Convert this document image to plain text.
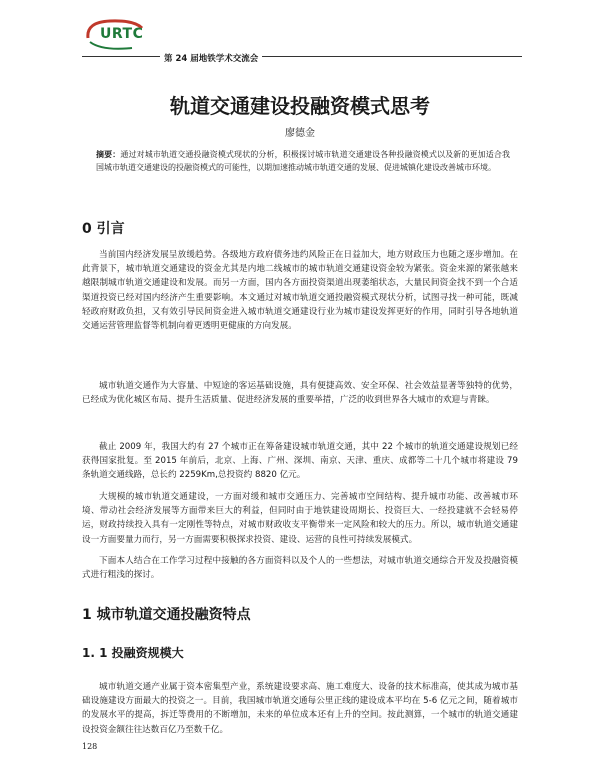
URTC
第 24 届地铁学术交流会
轨道交通建设投融资模式思考
廖德金
摘要：通过对城市轨道交通投融资模式现状的分析，积极探讨城市轨道交通建设各种投融资模式以及新的更加适合我国城市轨道交通建设的投融资模式的可能性，以期加速推动城市轨道交通的发展、促进城镇化建设改善城市环境。
0 引言
当前国内经济发展呈放缓趋势。各级地方政府债务违约风险正在日益加大，地方财政压力也随之逐步增加。在此背景下，城市轨道交通建设的资金尤其是内地二线城市的城市轨道交通建设资金较为紧张。资金来源的紧张越来越限制城市轨道交通建设和发展。而另一方面，国内各方面投资渠道出现萎缩状态，大量民间资金找不到一个合适渠道投资已经对国内经济产生重要影响。本文通过对城市轨道交通投融资模式现状分析，试图寻找一种可能，既减轻政府财政负担，又有效引导民间资金进入城市轨道交通建设行业为城市建设发挥更好的作用，同时引导各地轨道交通运营管理监督等机制向着更透明更健康的方向发展。
城市轨道交通作为大容量、中短途的客运基础设施，具有便捷高效、安全环保、社会效益显著等独特的优势，已经成为优化城区布局、提升生活质量、促进经济发展的重要举措，广泛的收到世界各大城市的欢迎与青睐。
截止 2009 年，我国大约有 27 个城市正在筹备建设城市轨道交通，其中 22 个城市的轨道交通建设规划已经获得国家批复。至 2015 年前后，北京、上海、广州、深圳、南京、天津、重庆、成都等二十几个城市将建设 79 条轨道交通线路，总长约 2259Km,总投资约 8820 亿元。
大规模的城市轨道交通建设，一方面对缓和城市交通压力、完善城市空间结构、提升城市功能、改善城市环境、带动社会经济发展等方面带来巨大的利益，但同时由于地铁建设周期长、投资巨大、一经投建就不会轻易停运，财政持续投入具有一定刚性等特点，对城市财政收支平衡带来一定风险和较大的压力。所以，城市轨道交通建设一方面要量力而行，另一方面需要积极探求投资、建设、运营的良性可持续发展模式。
下面本人结合在工作学习过程中接触的各方面资料以及个人的一些想法，对城市轨道交通综合开发及投融资模式进行粗浅的探讨。
1 城市轨道交通投融资特点
1. 1 投融资规模大
城市轨道交通产业属于资本密集型产业，系统建设要求高、施工难度大、设备的技术标准高，使其成为城市基础设施建设方面最大的投资之一。目前，我国城市轨道交通每公里正线的建设成本平均在 5-6 亿元之间，随着城市的发展水平的提高，拆迁等费用的不断增加，未来的单位成本还有上升的空间。按此测算，一个城市的轨道交通建设投资金额往往达数百亿乃至数千亿。
128
